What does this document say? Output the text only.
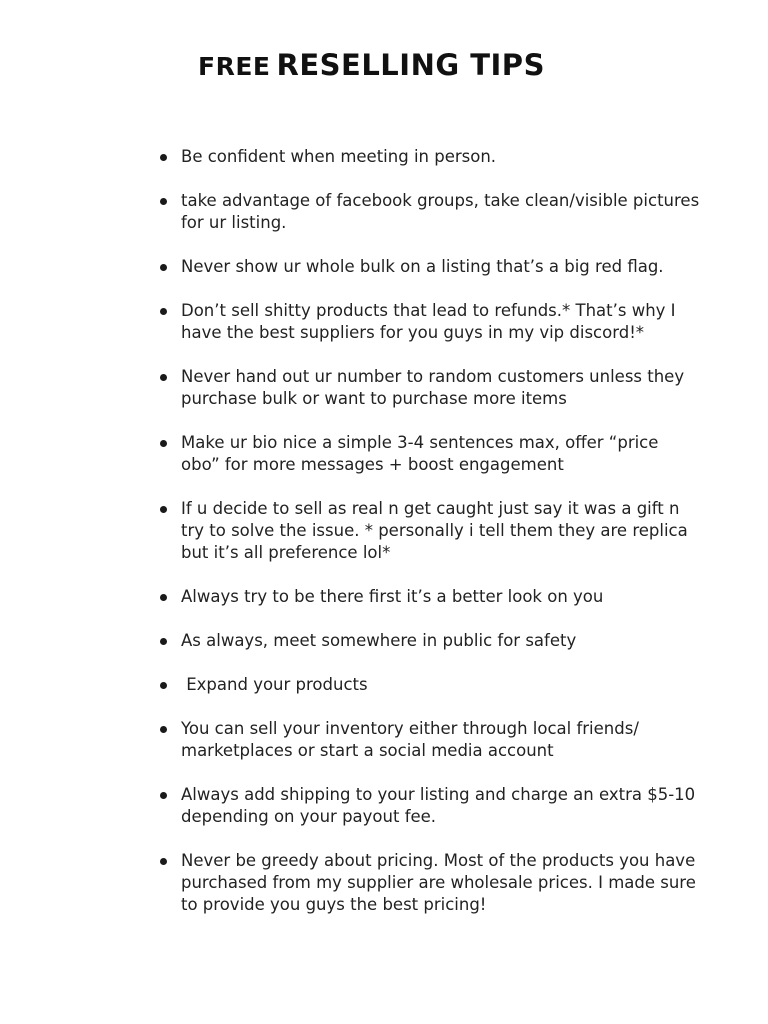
FREE RESELLING TIPS
Be confident when meeting in person.
take advantage of facebook groups, take clean/visible pictures for ur listing.
Never show ur whole bulk on a listing that’s a big red flag.
Don’t sell shitty products that lead to refunds.* That’s why I have the best suppliers for you guys in my vip discord!*
Never hand out ur number to random customers unless they purchase bulk or want to purchase more items
Make ur bio nice a simple 3-4 sentences max, offer “price obo” for more messages + boost engagement
If u decide to sell as real n get caught just say it was a gift n try to solve the issue. * personally i tell them they are replica but it’s all preference lol*
Always try to be there first it’s a better look on you
As always, meet somewhere in public for safety
Expand your products
You can sell your inventory either through local friends/ marketplaces or start a social media account
Always add shipping to your listing and charge an extra $5-10 depending on your payout fee.
Never be greedy about pricing. Most of the products you have purchased from my supplier are wholesale prices. I made sure to provide you guys the best pricing!
